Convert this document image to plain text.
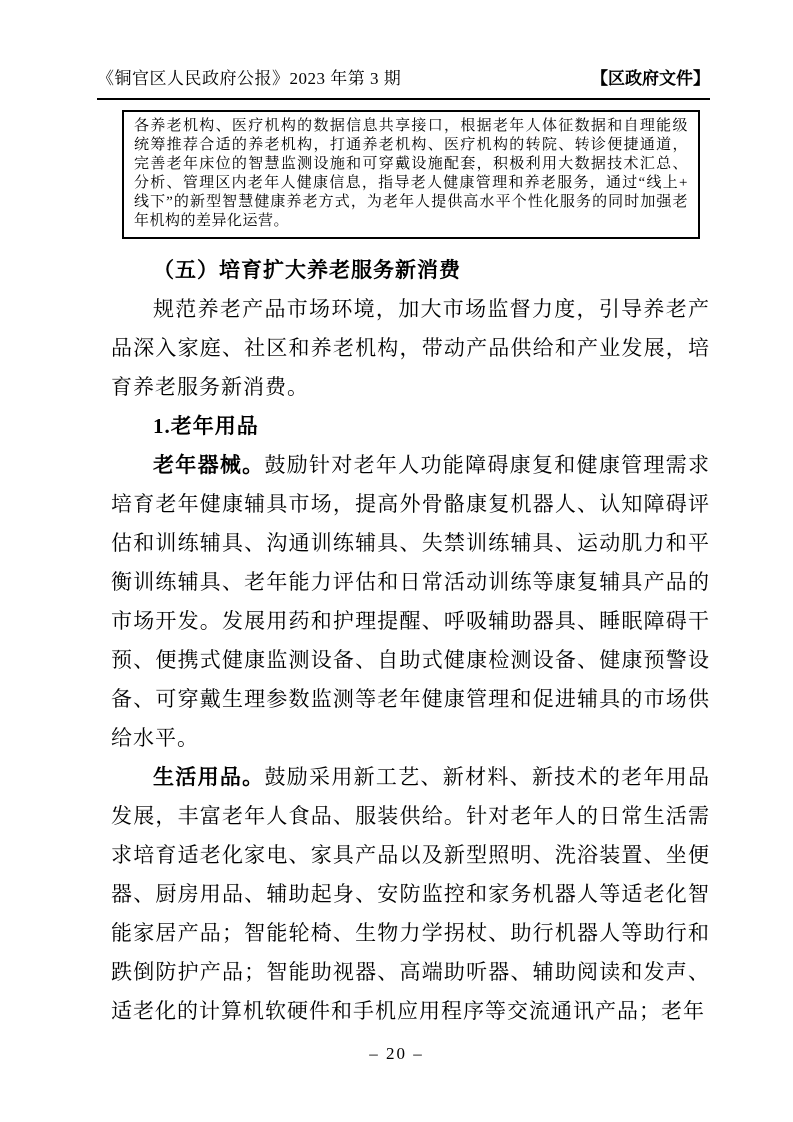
《铜官区人民政府公报》2023 年第 3 期	【区政府文件】
各养老机构、医疗机构的数据信息共享接口，根据老年人体征数据和自理能级
统筹推荐合适的养老机构，打通养老机构、医疗机构的转院、转诊便捷通道，
完善老年床位的智慧监测设施和可穿戴设施配套，积极利用大数据技术汇总、
分析、管理区内老年人健康信息，指导老人健康管理和养老服务，通过“线上+
线下”的新型智慧健康养老方式，为老年人提供高水平个性化服务的同时加强老
年机构的差异化运营。
（五）培育扩大养老服务新消费

规范养老产品市场环境，加大市场监督力度，引导养老产品深入家庭、社区和养老机构，带动产品供给和产业发展，培育养老服务新消费。

1.老年用品

老年器械。鼓励针对老年人功能障碍康复和健康管理需求培育老年健康辅具市场，提高外骨骼康复机器人、认知障碍评估和训练辅具、沟通训练辅具、失禁训练辅具、运动肌力和平衡训练辅具、老年能力评估和日常活动训练等康复辅具产品的市场开发。发展用药和护理提醒、呼吸辅助器具、睡眠障碍干预、便携式健康监测设备、自助式健康检测设备、健康预警设备、可穿戴生理参数监测等老年健康管理和促进辅具的市场供给水平。

生活用品。鼓励采用新工艺、新材料、新技术的老年用品发展，丰富老年人食品、服装供给。针对老年人的日常生活需求培育适老化家电、家具产品以及新型照明、洗浴装置、坐便器、厨房用品、辅助起身、安防监控和家务机器人等适老化智能家居产品；智能轮椅、生物力学拐杖、助行机器人等助行和跌倒防护产品；智能助视器、高端助听器、辅助阅读和发声、适老化的计算机软硬件和手机应用程序等交流通讯产品；老年

– 20 –
